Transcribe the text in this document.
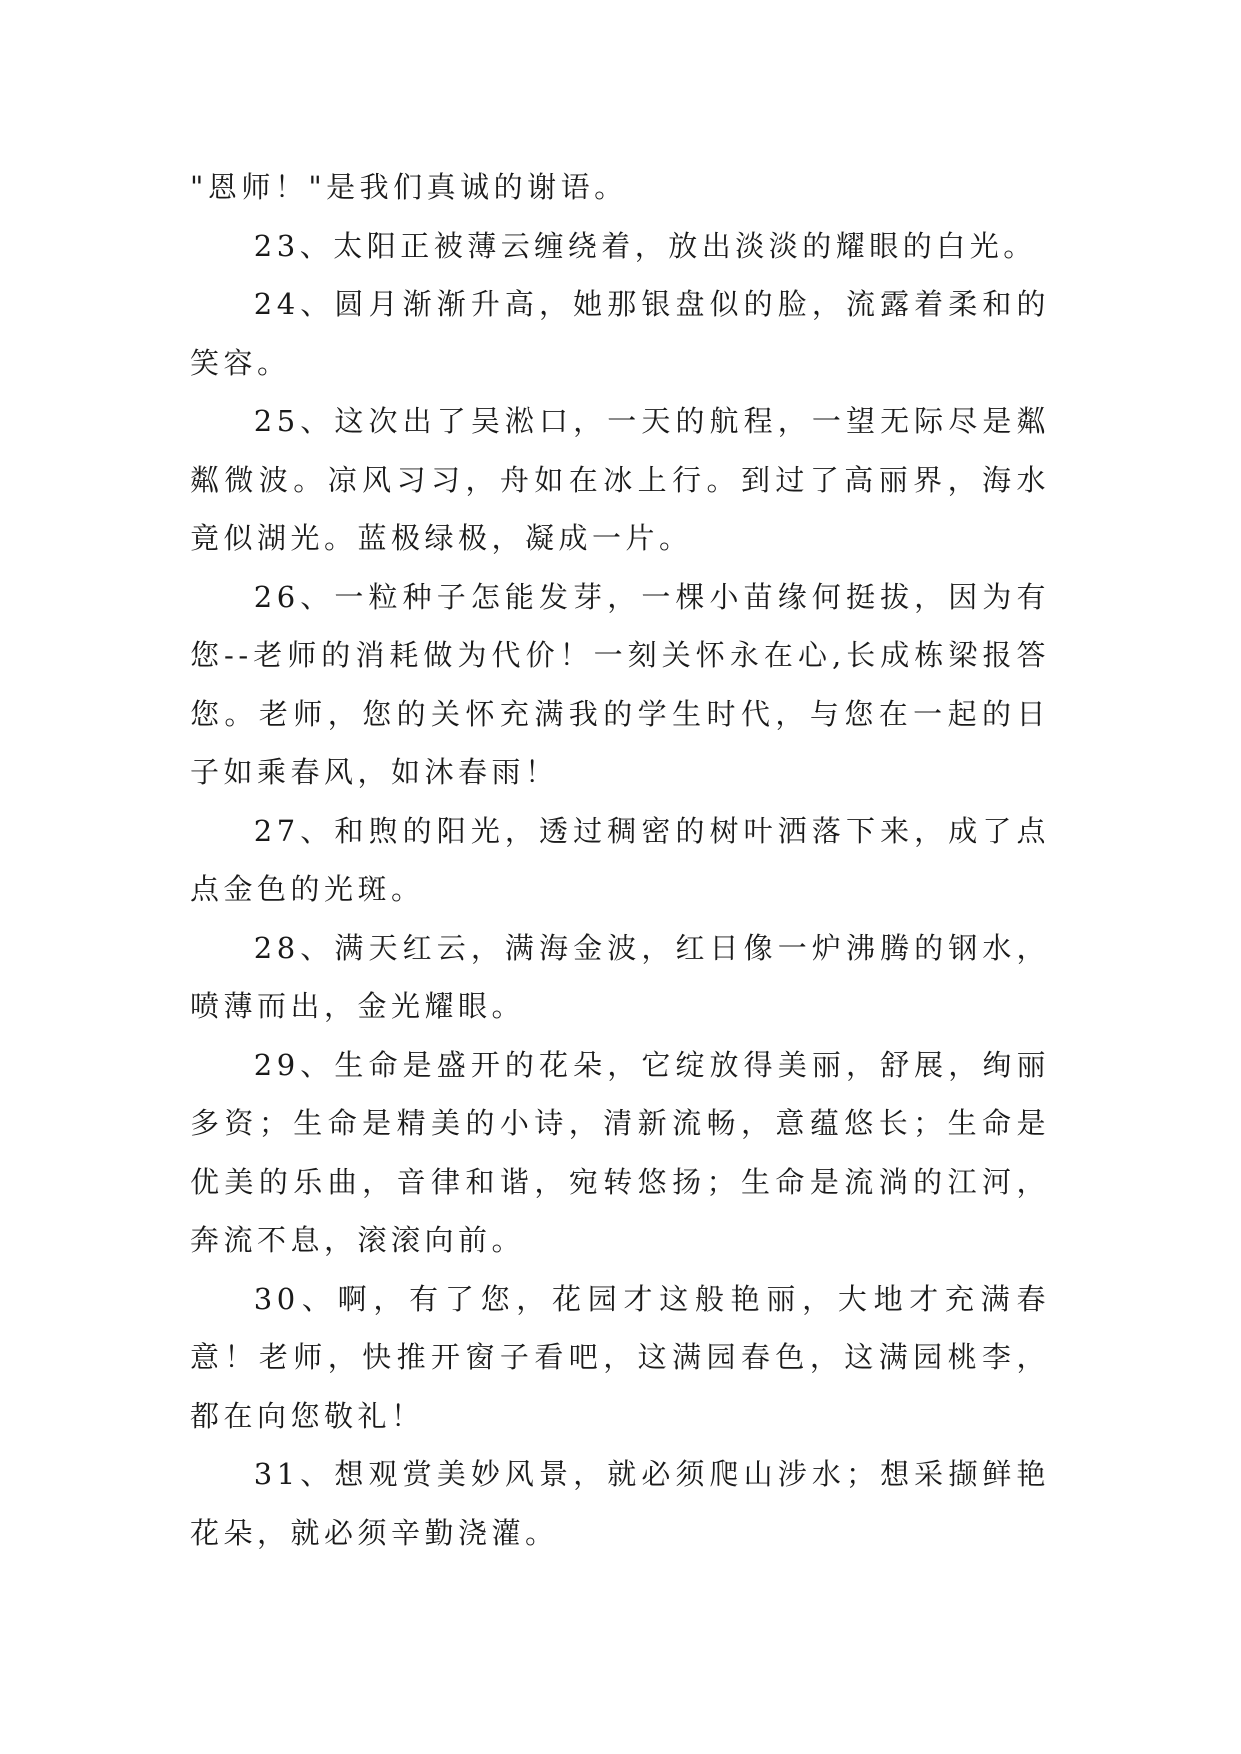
"恩师！"是我们真诚的谢语。

23、太阳正被薄云缠绕着，放出淡淡的耀眼的白光。

24、圆月渐渐升高，她那银盘似的脸，流露着柔和的笑容。

25、这次出了吴淞口，一天的航程，一望无际尽是粼粼微波。凉风习习，舟如在冰上行。到过了高丽界，海水竟似湖光。蓝极绿极，凝成一片。

26、一粒种子怎能发芽，一棵小苗缘何挺拔，因为有您--老师的消耗做为代价！一刻关怀永在心,长成栋梁报答您。老师，您的关怀充满我的学生时代，与您在一起的日子如乘春风，如沐春雨！

27、和煦的阳光，透过稠密的树叶洒落下来，成了点点金色的光斑。

28、满天红云，满海金波，红日像一炉沸腾的钢水，喷薄而出，金光耀眼。

29、生命是盛开的花朵，它绽放得美丽，舒展，绚丽多资；生命是精美的小诗，清新流畅，意蕴悠长；生命是优美的乐曲，音律和谐，宛转悠扬；生命是流淌的江河，奔流不息，滚滚向前。

30、啊，有了您，花园才这般艳丽，大地才充满春意！老师，快推开窗子看吧，这满园春色，这满园桃李，都在向您敬礼！

31、想观赏美妙风景，就必须爬山涉水；想采撷鲜艳花朵，就必须辛勤浇灌。
